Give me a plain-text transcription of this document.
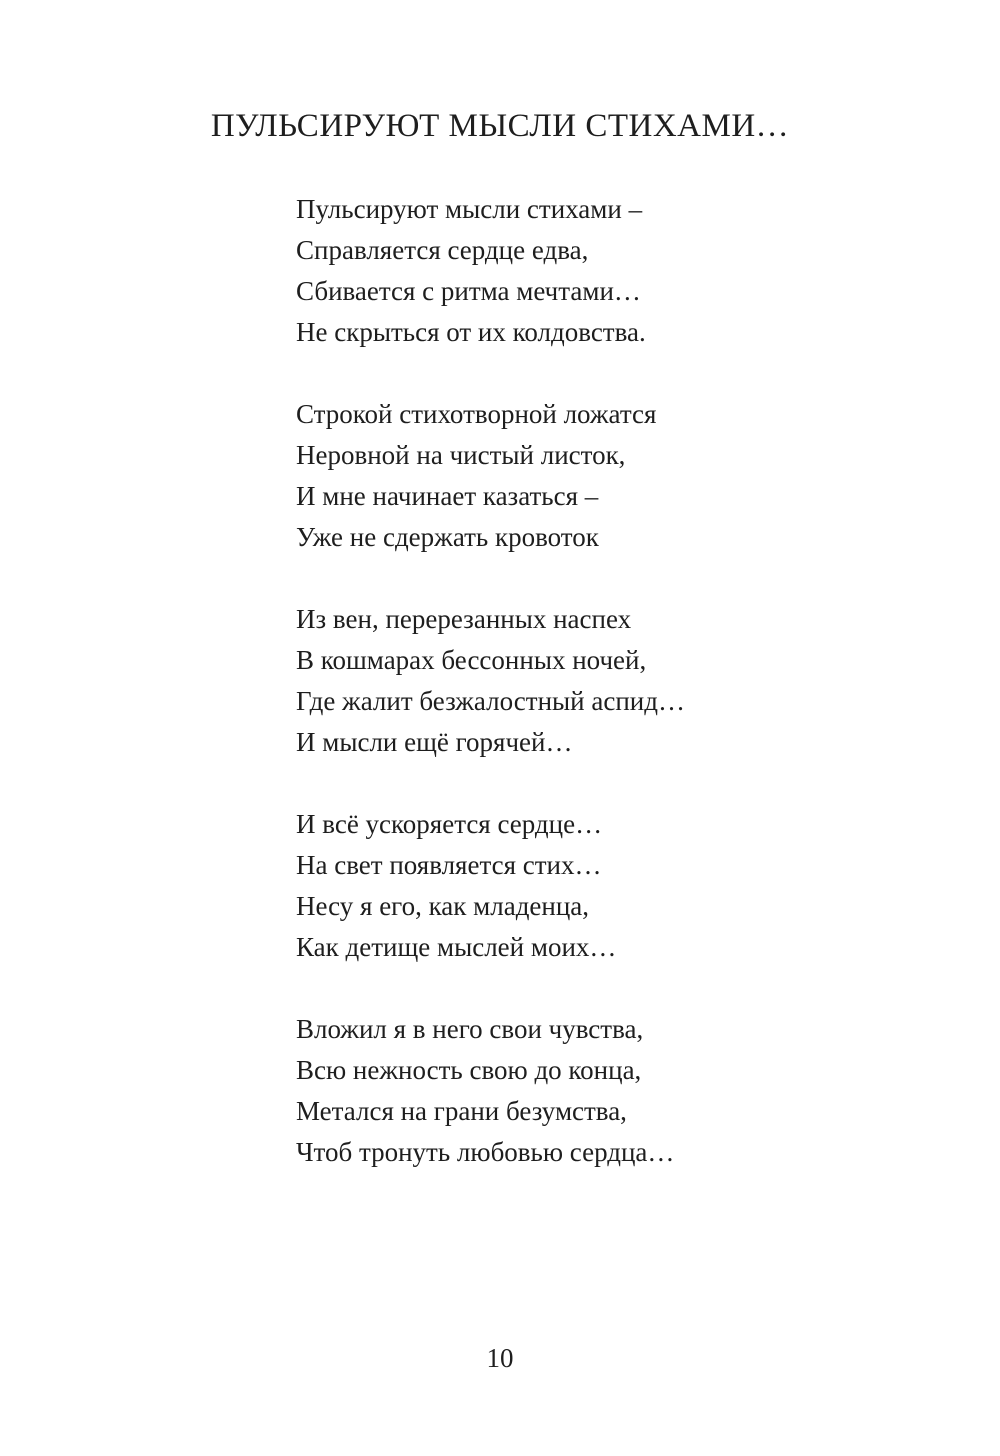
ПУЛЬСИРУЮТ МЫСЛИ СТИХАМИ…

Пульсируют мысли стихами –
Справляется сердце едва,
Сбивается с ритма мечтами…
Не скрыться от их колдовства.

Строкой стихотворной ложатся
Неровной на чистый листок,
И мне начинает казаться –
Уже не сдержать кровоток

Из вен, перерезанных наспех
В кошмарах бессонных ночей,
Где жалит безжалостный аспид…
И мысли ещё горячей…

И всё ускоряется сердце…
На свет появляется стих…
Несу я его, как младенца,
Как детище мыслей моих…

Вложил я в него свои чувства,
Всю нежность свою до конца,
Метался на грани безумства,
Чтоб тронуть любовью сердца…

10
